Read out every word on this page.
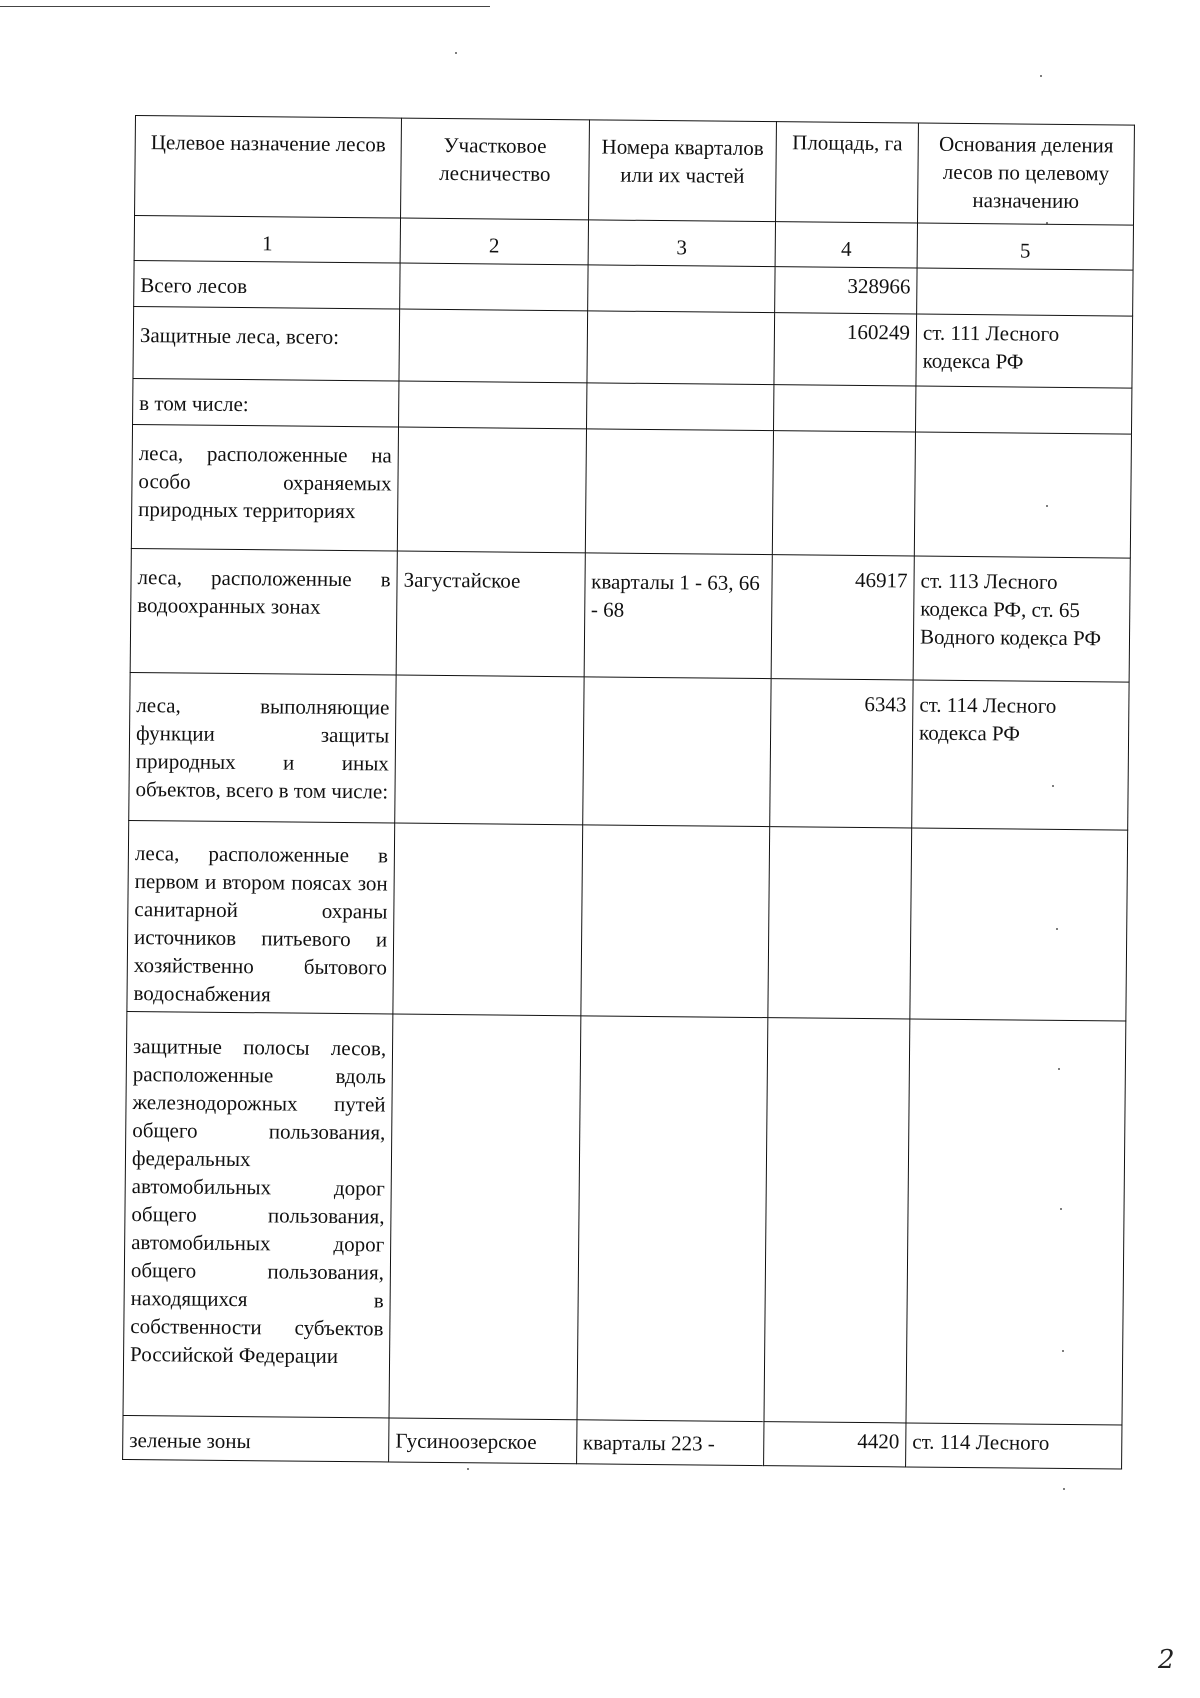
Целевое назначение лесов	Участковое лесничество	Номера кварталов или их частей	Площадь, га	Основания деления лесов по целевому назначению
1	2	3	4	5
Всего лесов			328966	
Защитные леса, всего:			160249	ст. 111 Лесного кодекса РФ
в том числе:				
леса, расположенные на особо охраняемых природных территориях				
леса, расположенные в водоохранных зонах	Загустайское	кварталы 1 - 63, 66 - 68	46917	ст. 113 Лесного кодекса РФ, ст. 65 Водного кодекса РФ
леса, выполняющие функции защиты природных и иных объектов, всего в том числе:			6343	ст. 114 Лесного кодекса РФ
леса, расположенные в первом и втором поясах зон санитарной охраны источников питьевого и хозяйственно бытового водоснабжения				
защитные полосы лесов, расположенные вдоль железнодорожных путей общего пользования, федеральных автомобильных дорог общего пользования, автомобильных дорог общего пользования, находящихся в собственности субъектов Российской Федерации				
зеленые зоны	Гусиноозерское	кварталы 223 -	4420	ст. 114 Лесного
2
